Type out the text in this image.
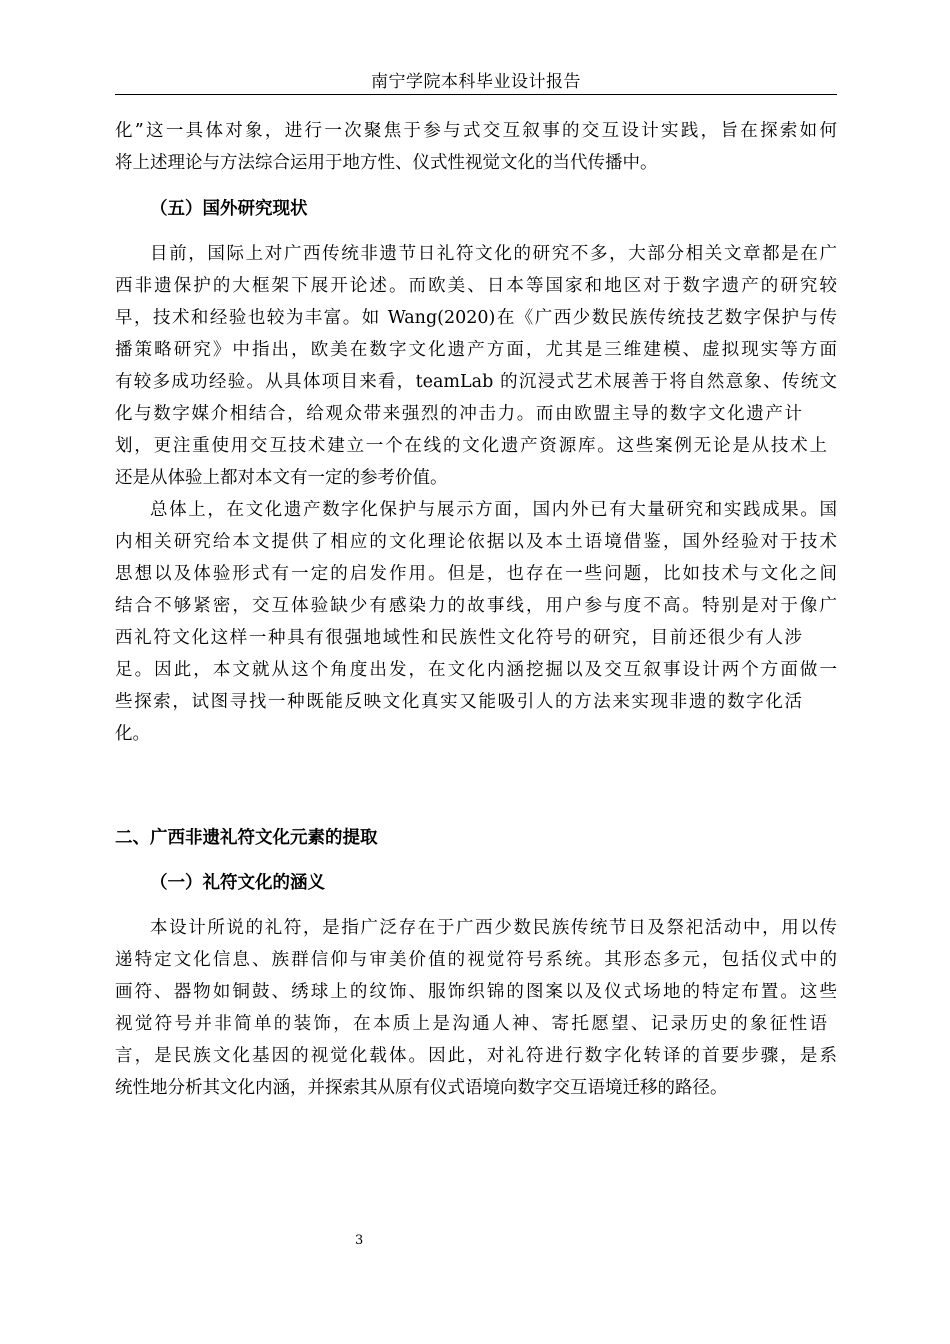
南宁学院本科毕业设计报告
化”这一具体对象，进行一次聚焦于参与式交互叙事的交互设计实践，旨在探索如何
将上述理论与方法综合运用于地方性、仪式性视觉文化的当代传播中。
（五）国外研究现状
目前，国际上对广西传统非遗节日礼符文化的研究不多，大部分相关文章都是在广
西非遗保护的大框架下展开论述。而欧美、日本等国家和地区对于数字遗产的研究较
早，技术和经验也较为丰富。如 Wang(2020)在《广西少数民族传统技艺数字保护与传
播策略研究》中指出，欧美在数字文化遗产方面，尤其是三维建模、虚拟现实等方面
有较多成功经验。从具体项目来看，teamLab 的沉浸式艺术展善于将自然意象、传统文
化与数字媒介相结合，给观众带来强烈的冲击力。而由欧盟主导的数字文化遗产计
划，更注重使用交互技术建立一个在线的文化遗产资源库。这些案例无论是从技术上
还是从体验上都对本文有一定的参考价值。
总体上，在文化遗产数字化保护与展示方面，国内外已有大量研究和实践成果。国
内相关研究给本文提供了相应的文化理论依据以及本土语境借鉴，国外经验对于技术
思想以及体验形式有一定的启发作用。但是，也存在一些问题，比如技术与文化之间
结合不够紧密，交互体验缺少有感染力的故事线，用户参与度不高。特别是对于像广
西礼符文化这样一种具有很强地域性和民族性文化符号的研究，目前还很少有人涉
足。因此，本文就从这个角度出发，在文化内涵挖掘以及交互叙事设计两个方面做一
些探索，试图寻找一种既能反映文化真实又能吸引人的方法来实现非遗的数字化活
化。
二、广西非遗礼符文化元素的提取
（一）礼符文化的涵义
本设计所说的礼符，是指广泛存在于广西少数民族传统节日及祭祀活动中，用以传
递特定文化信息、族群信仰与审美价值的视觉符号系统。其形态多元，包括仪式中的
画符、器物如铜鼓、绣球上的纹饰、服饰织锦的图案以及仪式场地的特定布置。这些
视觉符号并非简单的装饰，在本质上是沟通人神、寄托愿望、记录历史的象征性语
言，是民族文化基因的视觉化载体。因此，对礼符进行数字化转译的首要步骤，是系
统性地分析其文化内涵，并探索其从原有仪式语境向数字交互语境迁移的路径。
3
